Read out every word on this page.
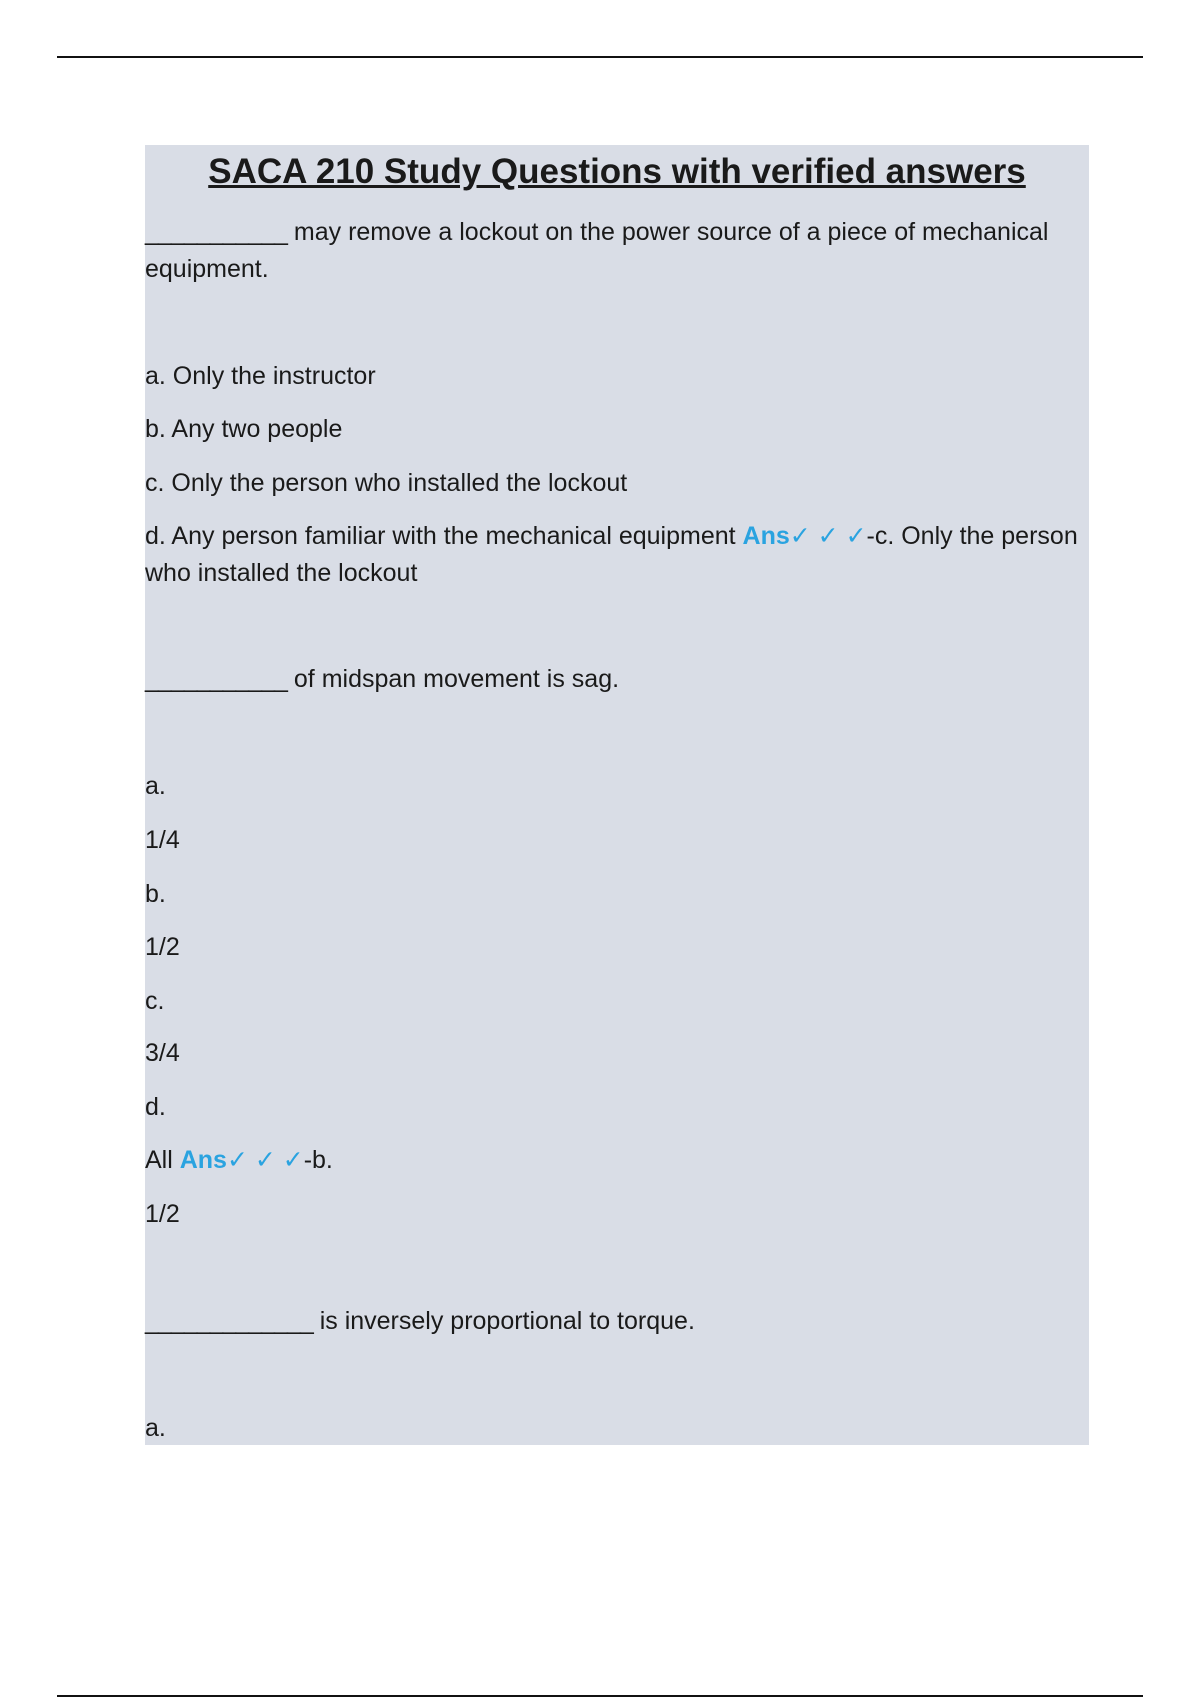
SACA 210 Study Questions with verified answers

___________ may remove a lockout on the power source of a piece of mechanical equipment.

a. Only the instructor

b. Any two people

c. Only the person who installed the lockout

d. Any person familiar with the mechanical equipment Ans✓ ✓ ✓-c. Only the person who installed the lockout

___________ of midspan movement is sag.

a.

1/4

b.

1/2

c.

3/4

d.

All Ans✓ ✓ ✓-b.

1/2

_____________ is inversely proportional to torque.

a.
